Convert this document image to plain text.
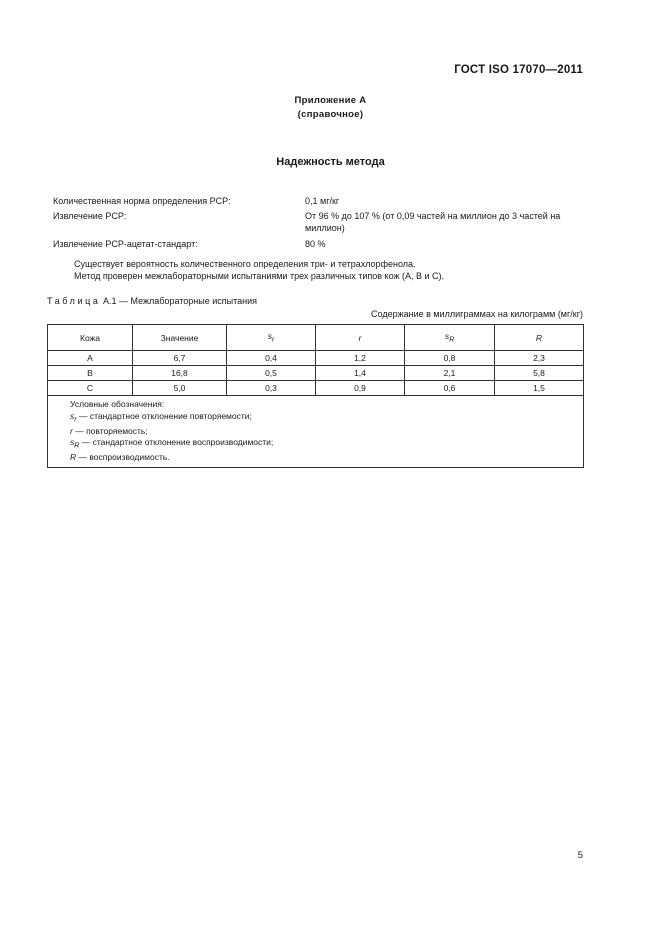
ГОСТ ISO 17070—2011
Приложение А
(справочное)
Надежность метода
Количественная норма определения PCP:	0,1 мг/кг
Извлечение PCP:	От 96 % до 107 % (от 0,09 частей на миллион до 3 частей на миллион)
Извлечение PCP-ацетат-стандарт:	80 %
Существует вероятность количественного определения три- и тетрахлорфенола.
Метод проверен межлабораторными испытаниями трех различных типов кож (А, В и С).
Таблица А.1 — Межлабораторные испытания
Содержание в миллиграммах на килограмм (мг/кг)
Кожа	Значение	$s_r$	r	$s_R$	R
A	6,7	0,4	1,2	0,8	2,3
B	16,8	0,5	1,4	2,1	5,8
C	5,0	0,3	0,9	0,6	1,5

Условные обозначения:
$s_r$ — стандартное отклонение повторяемости;
r — повторяемость;
$s_R$ — стандартное отклонение воспроизводимости;
R — воспроизводимость.					
5
